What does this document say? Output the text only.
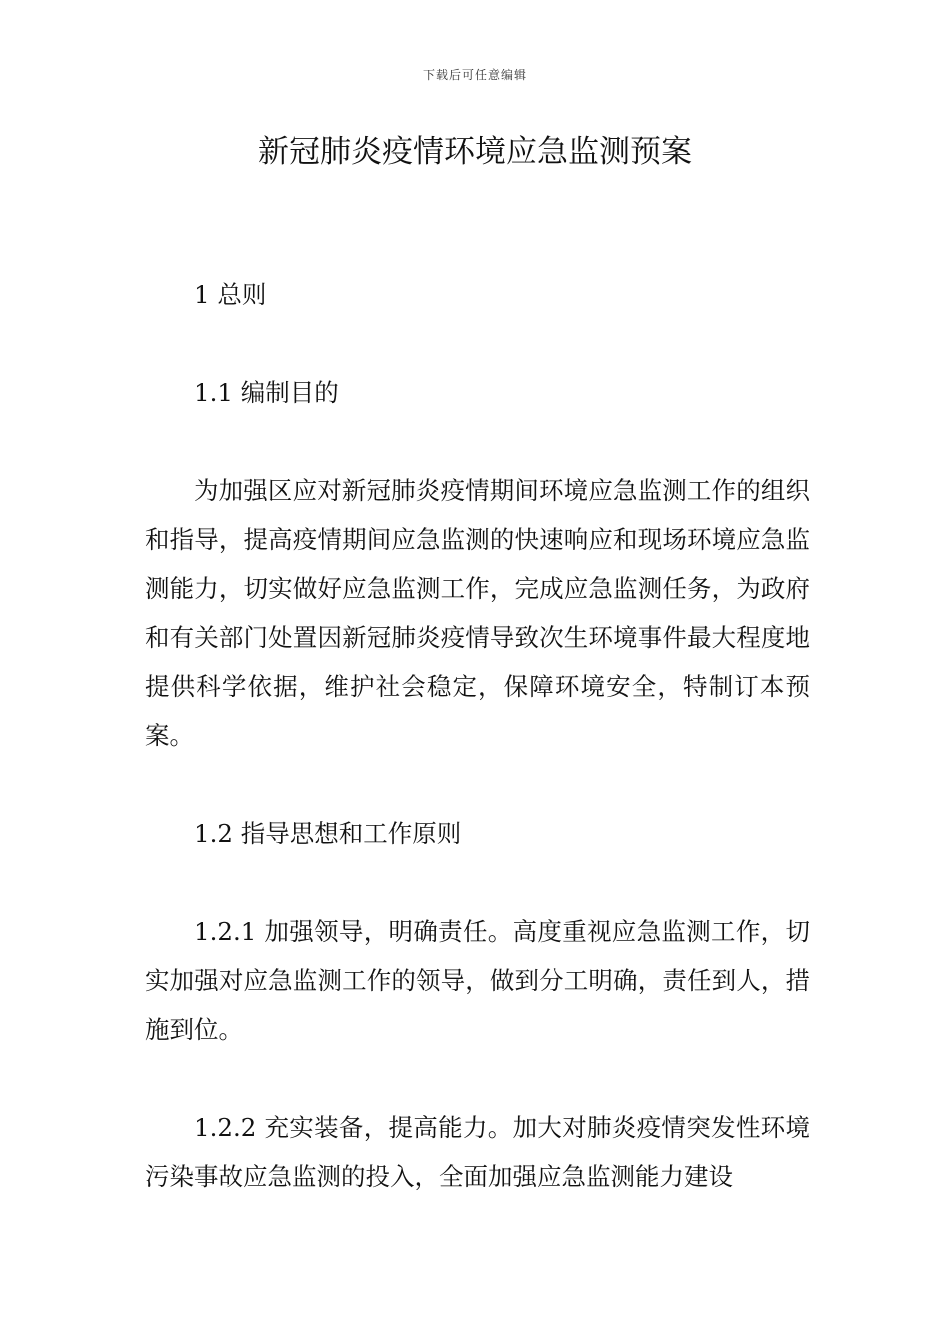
下载后可任意编辑
新冠肺炎疫情环境应急监测预案

1 总则

1.1 编制目的

为加强区应对新冠肺炎疫情期间环境应急监测工作的组织和指导，提高疫情期间应急监测的快速响应和现场环境应急监测能力，切实做好应急监测工作，完成应急监测任务，为政府和有关部门处置因新冠肺炎疫情导致次生环境事件最大程度地提供科学依据，维护社会稳定，保障环境安全，特制订本预案。

1.2 指导思想和工作原则

1.2.1 加强领导，明确责任。高度重视应急监测工作，切实加强对应急监测工作的领导，做到分工明确，责任到人，措施到位。

1.2.2 充实装备，提高能力。加大对肺炎疫情突发性环境污染事故应急监测的投入，全面加强应急监测能力建设
